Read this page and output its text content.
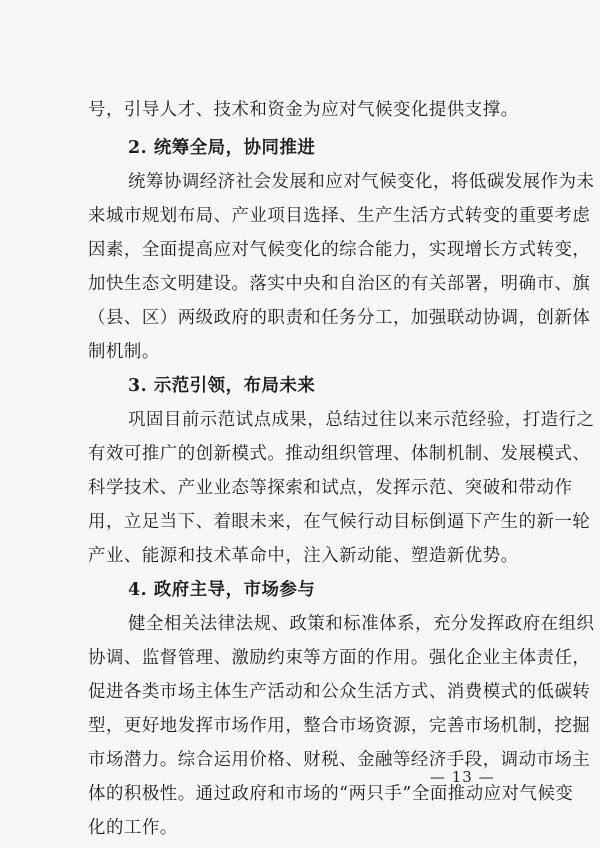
号，引导人才、技术和资金为应对气候变化提供支撑。
2. 统筹全局，协同推进
统筹协调经济社会发展和应对气候变化，将低碳发展作为未
来城市规划布局、产业项目选择、生产生活方式转变的重要考虑
因素，全面提高应对气候变化的综合能力，实现增长方式转变，
加快生态文明建设。落实中央和自治区的有关部署，明确市、旗
（县、区）两级政府的职责和任务分工，加强联动协调，创新体
制机制。
3. 示范引领，布局未来
巩固目前示范试点成果，总结过往以来示范经验，打造行之
有效可推广的创新模式。推动组织管理、体制机制、发展模式、
科学技术、产业业态等探索和试点，发挥示范、突破和带动作
用，立足当下、着眼未来，在气候行动目标倒逼下产生的新一轮
产业、能源和技术革命中，注入新动能、塑造新优势。
4. 政府主导，市场参与
健全相关法律法规、政策和标准体系，充分发挥政府在组织
协调、监督管理、激励约束等方面的作用。强化企业主体责任，
促进各类市场主体生产活动和公众生活方式、消费模式的低碳转
型，更好地发挥市场作用，整合市场资源，完善市场机制，挖掘
市场潜力。综合运用价格、财税、金融等经济手段，调动市场主
体的积极性。通过政府和市场的“两只手”全面推动应对气候变
化的工作。
— 13 —
